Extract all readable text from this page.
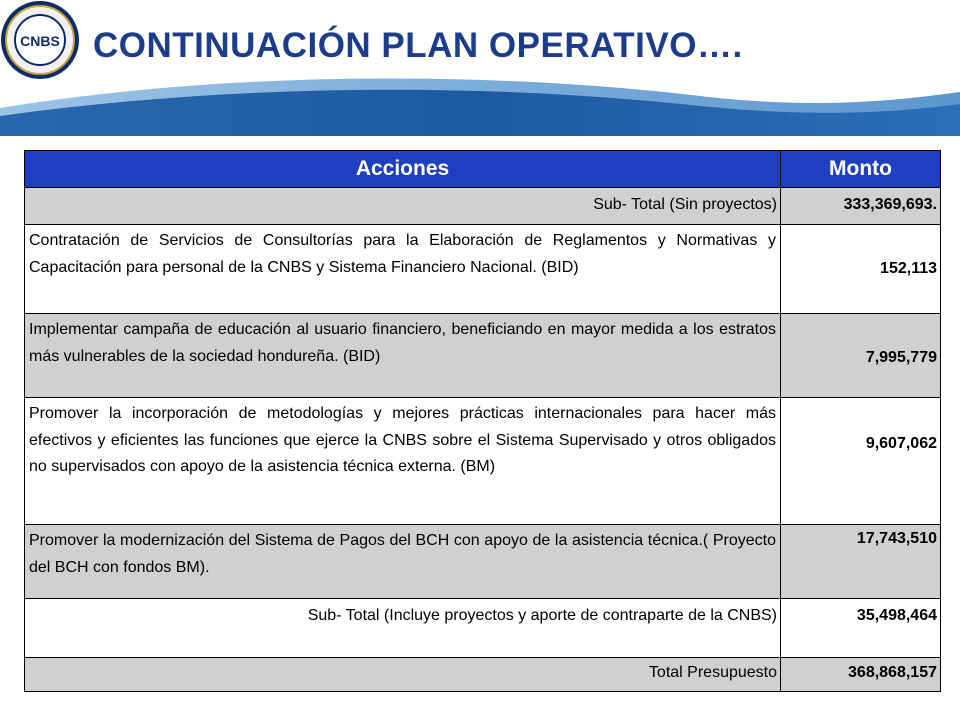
CONTINUACIÓN PLAN OPERATIVO….
CNBS
Acciones	Monto
Sub- Total (Sin proyectos)	333,369,693.
Contratación de Servicios de Consultorías para la Elaboración de Reglamentos y Normativas y Capacitación para personal de la CNBS y Sistema Financiero Nacional. (BID)	152,113
Implementar campaña de educación al usuario financiero, beneficiando en mayor medida a los estratos más vulnerables de la sociedad hondureña. (BID)	7,995,779
Promover la incorporación de metodologías y mejores prácticas internacionales para hacer más efectivos y eficientes las funciones que ejerce la CNBS sobre el Sistema Supervisado y otros obligados no supervisados con apoyo de la asistencia técnica externa. (BM)	9,607,062
Promover la modernización del Sistema de Pagos del BCH con apoyo de la asistencia técnica.( Proyecto del BCH con fondos BM).	17,743,510
Sub- Total (Incluye proyectos y aporte de contraparte de la CNBS)	35,498,464
Total Presupuesto	368,868,157
